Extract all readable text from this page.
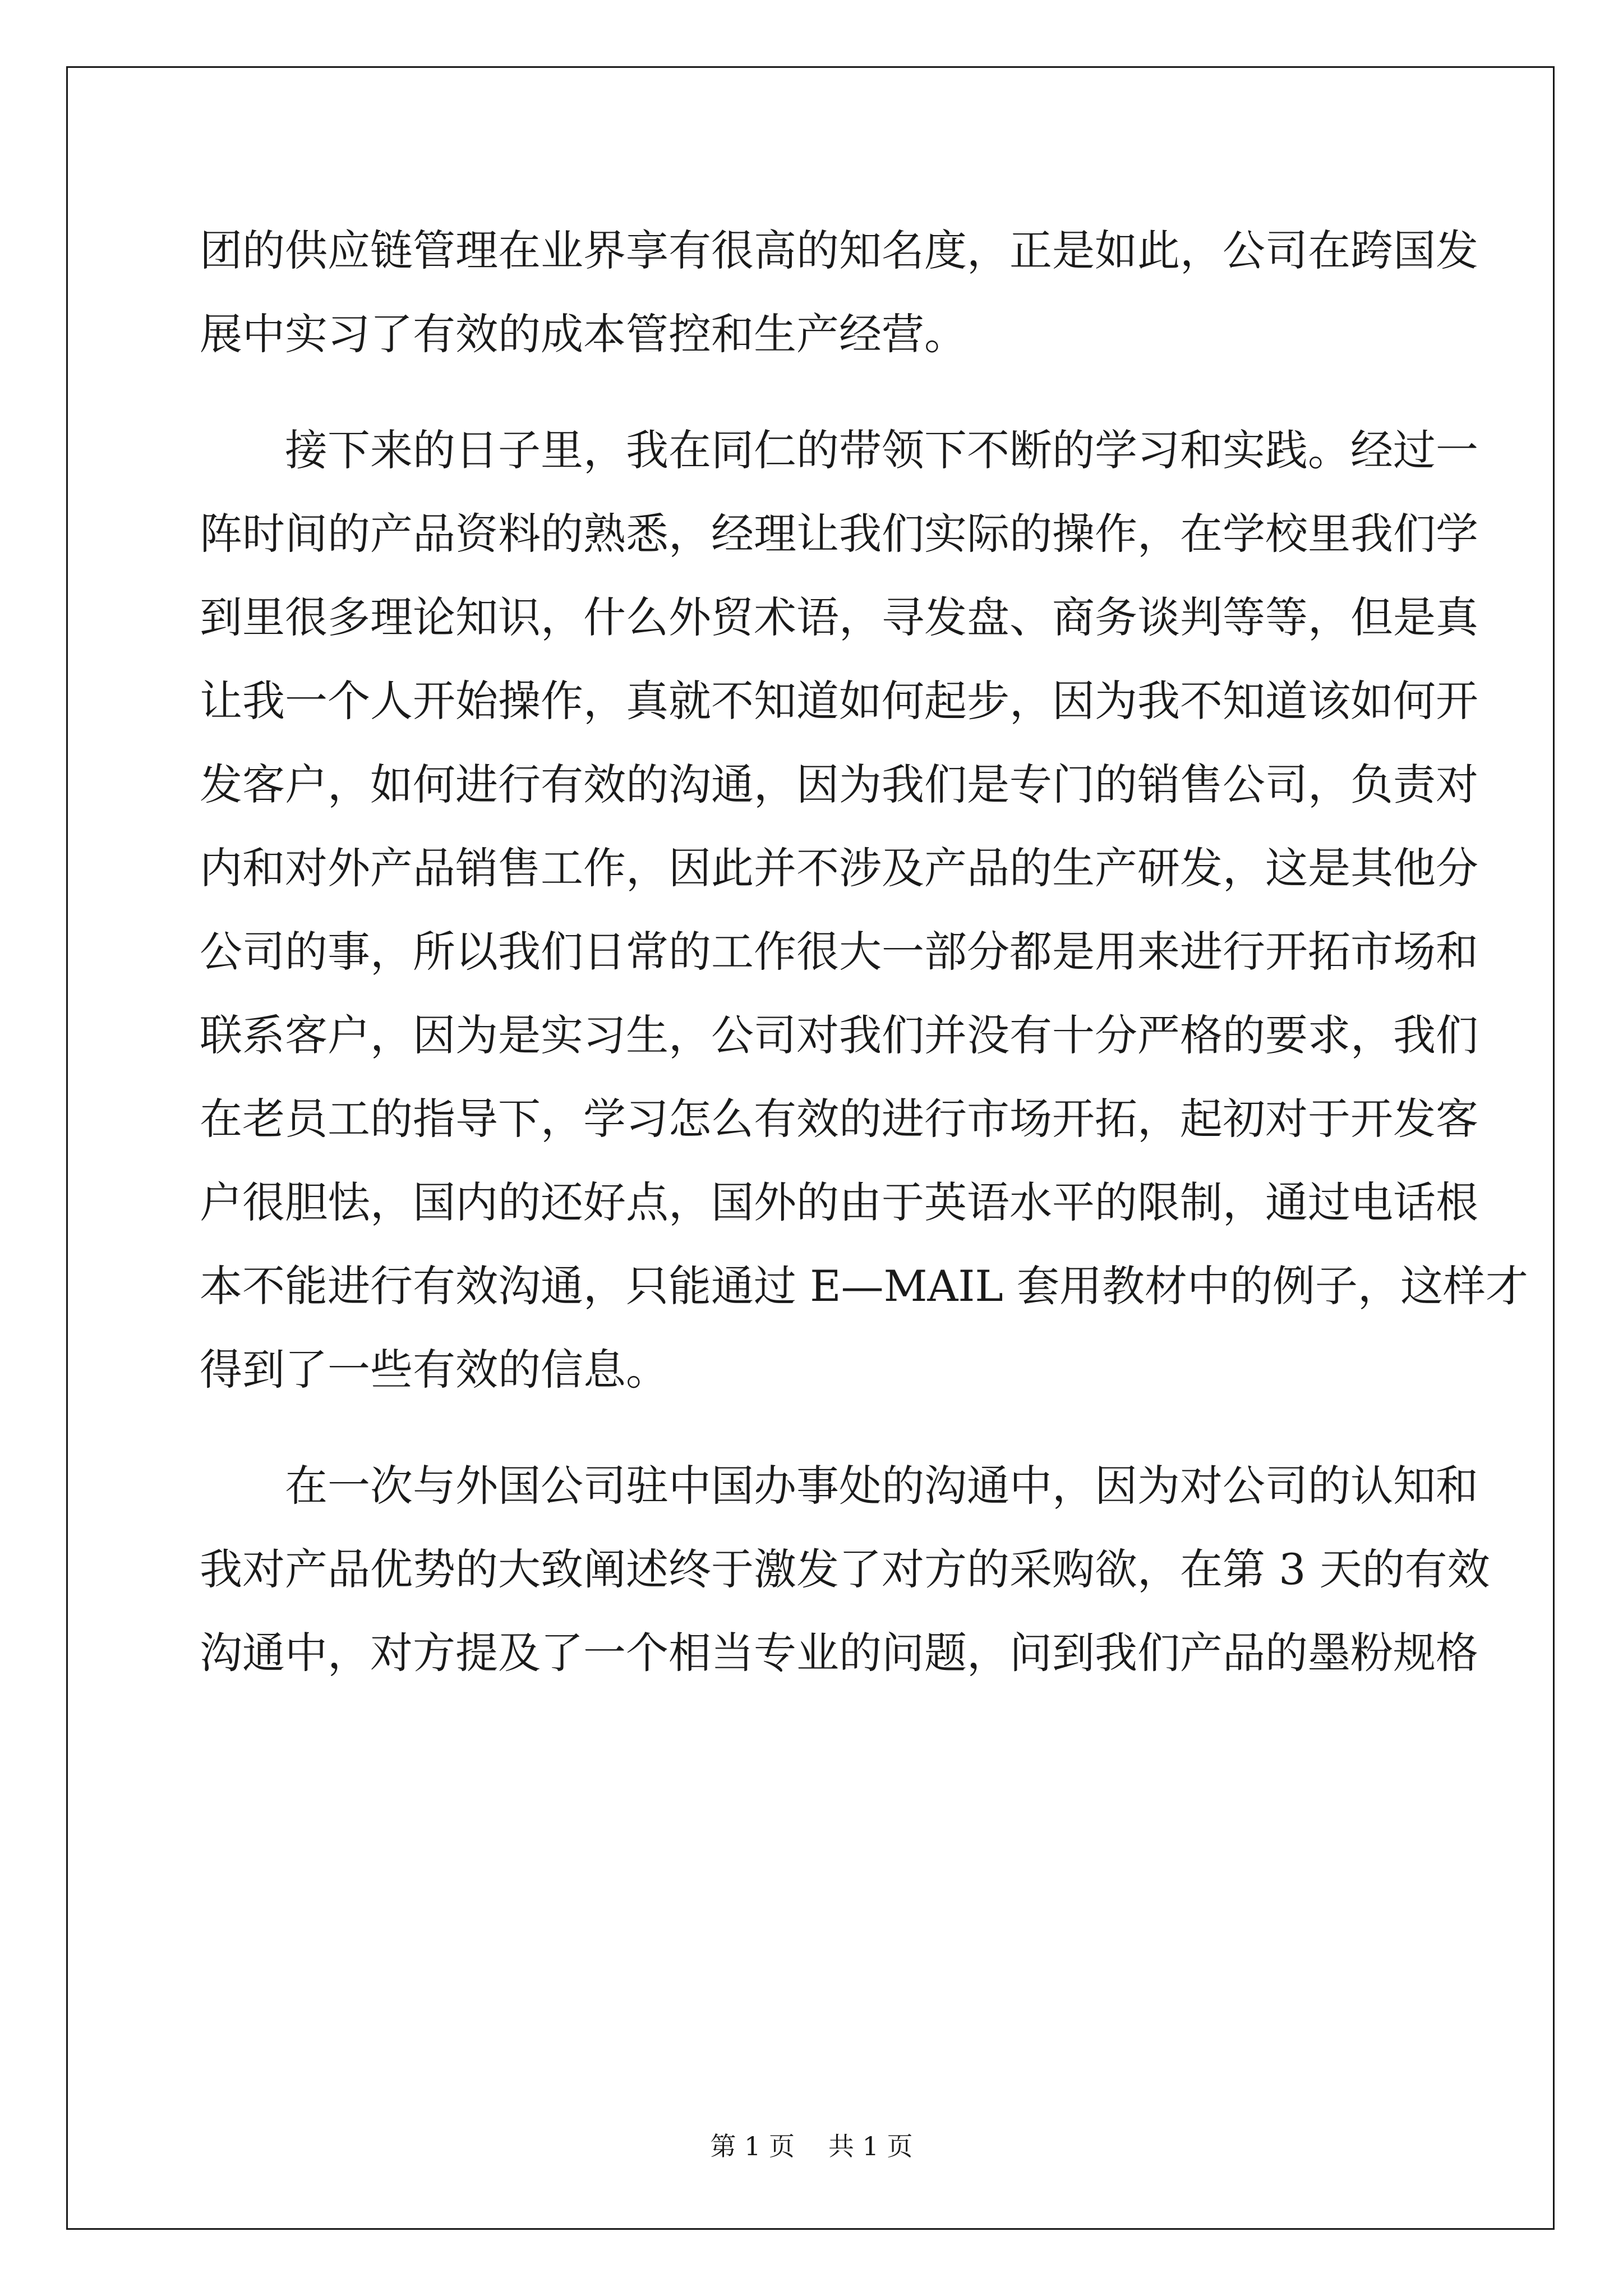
团的供应链管理在业界享有很高的知名度，正是如此，公司在跨国发
展中实习了有效的成本管控和生产经营。
接下来的日子里，我在同仁的带领下不断的学习和实践。经过一
阵时间的产品资料的熟悉，经理让我们实际的操作，在学校里我们学
到里很多理论知识，什么外贸术语，寻发盘、商务谈判等等，但是真
让我一个人开始操作，真就不知道如何起步，因为我不知道该如何开
发客户，如何进行有效的沟通，因为我们是专门的销售公司，负责对
内和对外产品销售工作，因此并不涉及产品的生产研发，这是其他分
公司的事，所以我们日常的工作很大一部分都是用来进行开拓市场和
联系客户，因为是实习生，公司对我们并没有十分严格的要求，我们
在老员工的指导下，学习怎么有效的进行市场开拓，起初对于开发客
户很胆怯，国内的还好点，国外的由于英语水平的限制，通过电话根
本不能进行有效沟通，只能通过 E—MAIL 套用教材中的例子，这样才
得到了一些有效的信息。
在一次与外国公司驻中国办事处的沟通中，因为对公司的认知和
我对产品优势的大致阐述终于激发了对方的采购欲，在第 3 天的有效
沟通中，对方提及了一个相当专业的问题，问到我们产品的墨粉规格
第 1 页 共 1 页
